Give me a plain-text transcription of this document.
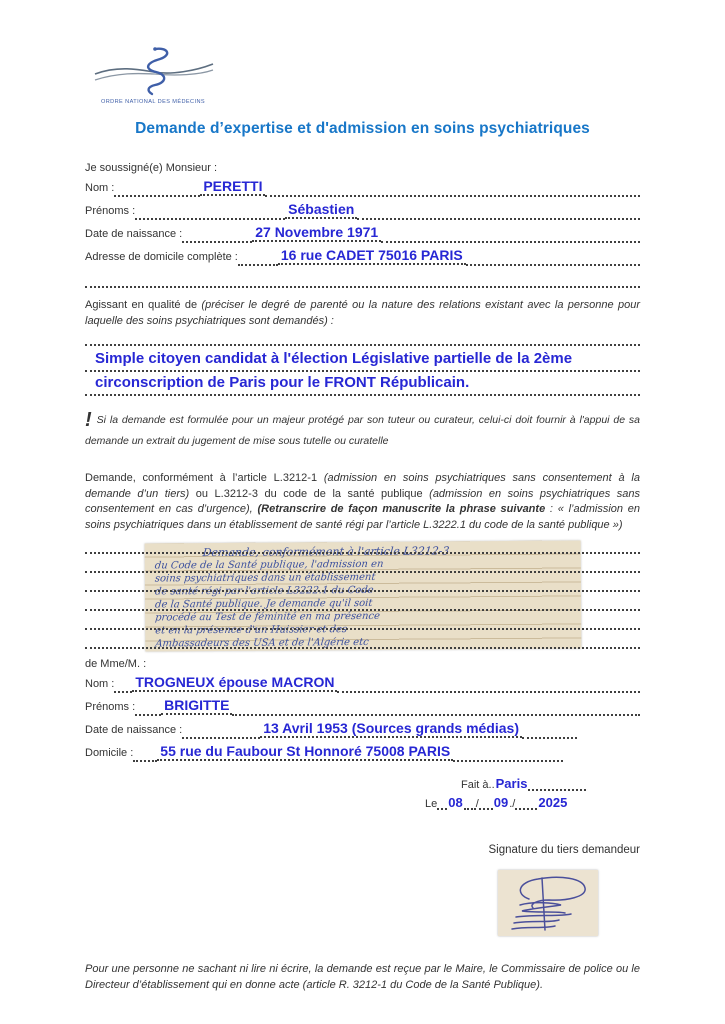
ORDRE NATIONAL DES MÉDECINS
Demande d’expertise et d'admission en soins psychiatriques

Je soussigné(e) Monsieur :

Nom :	PERETTI
Prénoms :	Sébastien
Date de naissance :	27 Novembre 1971
Adresse de domicile complète :	16 rue CADET 75016 PARIS

Agissant en qualité de (préciser le degré de parenté ou la nature des relations existant avec la personne pour laquelle des soins psychiatriques sont demandés) :

Simple citoyen candidat à l'élection Législative partielle de la 2ème
circonscription de Paris pour le FRONT Républicain.

! Si la demande est formulée pour un majeur protégé par son tuteur ou curateur, celui-ci doit fournir à l'appui de sa demande un extrait du jugement de mise sous tutelle ou curatelle

Demande, conformément à l’article L.3212-1 (admission en soins psychiatriques sans consentement à la demande d’un tiers) ou L.3212-3 du code de la santé publique (admission en soins psychiatriques sans consentement en cas d’urgence), (Retranscrire de façon manuscrite la phrase suivante : « l’admission en soins psychiatriques dans un établissement de santé régi par l’article L.3222.1 du code de la santé publique »)

Demande, conformément à l'article L3212-3
du Code de la Santé publique, l'admission en
soins psychiatriques dans un établissement
de santé régi par l'article L3222.1 du Code
de la Santé publique. Je demande qu'il soit
procédé au Test de féminité en ma présence
et en la présence d'un Huissier et des
Ambassadeurs des USA et de l'Algérie etc

de Mme/M. :

Nom : TROGNEUX épouse MACRON
Prénoms : BRIGITTE
Date de naissance :	13 Avril 1953 (Sources grands médias)
Domicile : 55 rue du Faubour St Honnoré 75008 PARIS
Fait à.. Paris
Le 08 / 09 ./ 2025
Signature du tiers demandeur

Pour une personne ne sachant ni lire ni écrire, la demande est reçue par le Maire, le Commissaire de police ou le Directeur d’établissement qui en donne acte (article R. 3212-1 du Code de la Santé Publique).
